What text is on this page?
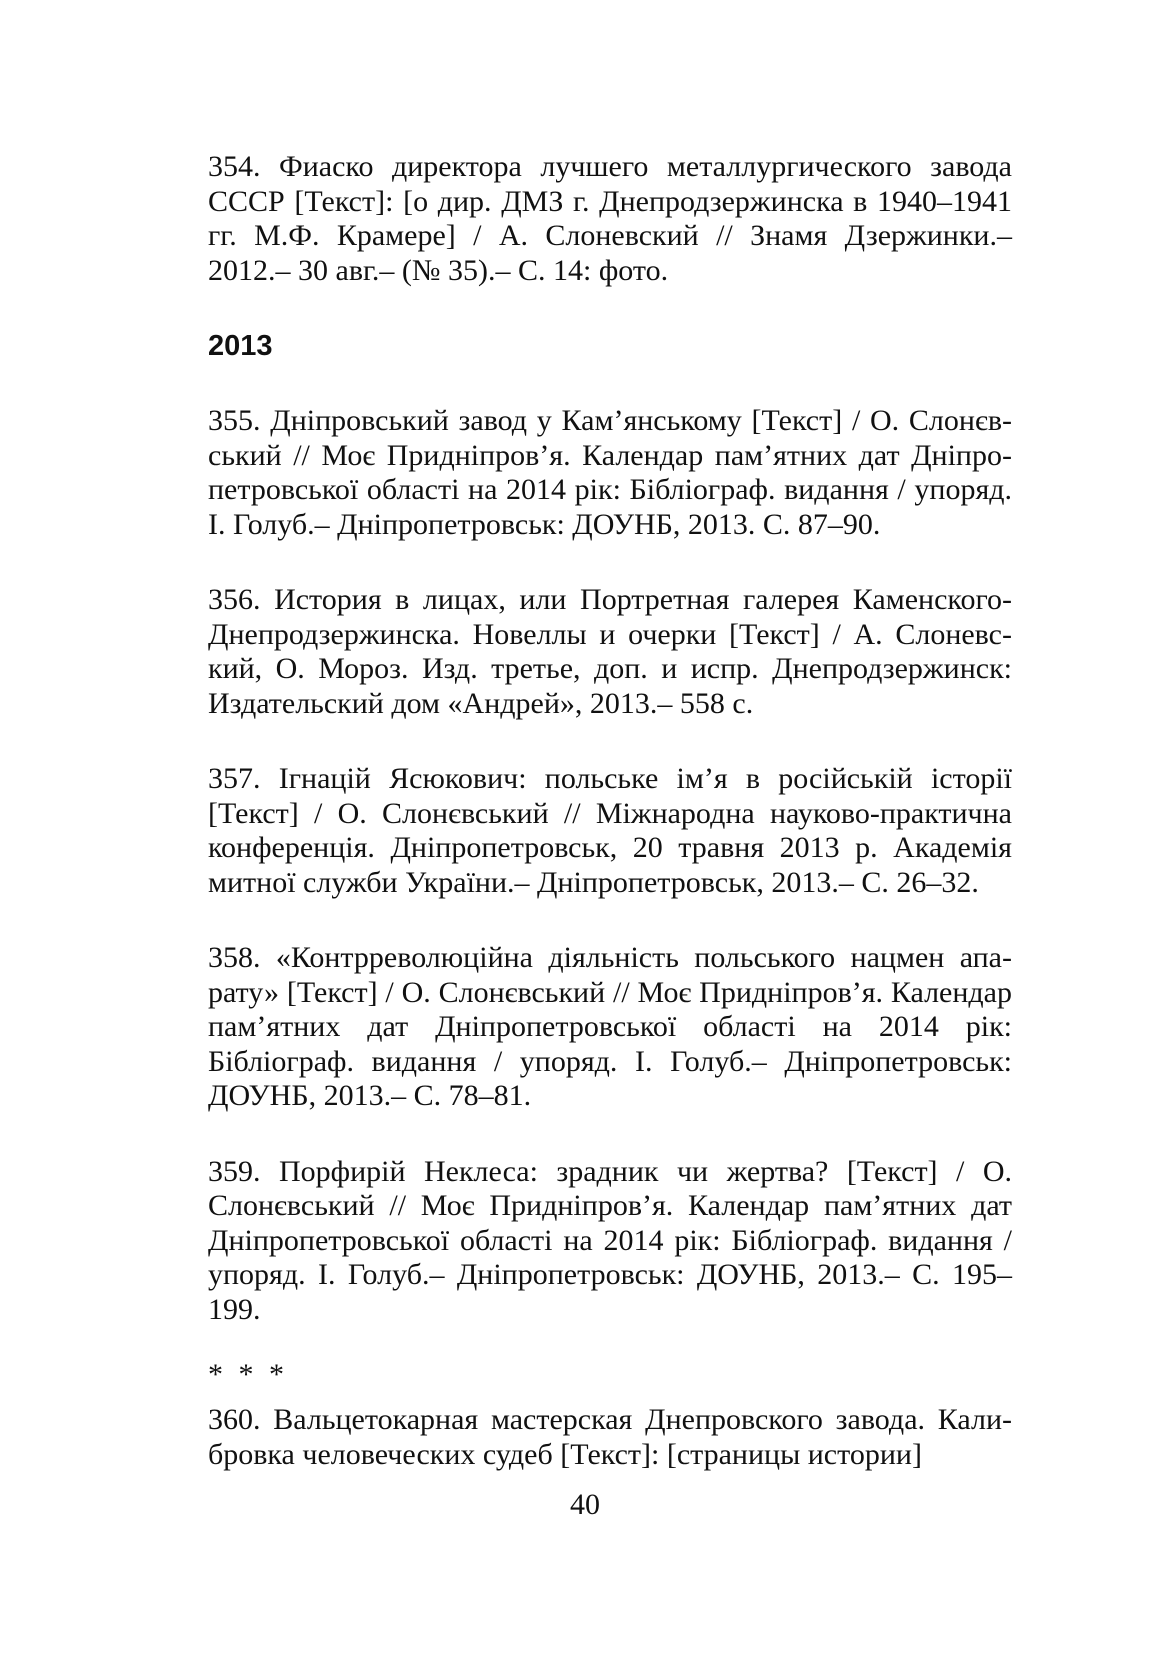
354. Фиаско директора лучшего металлургического завода СССР [Текст]: [о дир. ДМЗ г. Днепродзержинска в 1940–1941 гг. М.Ф. Крамере] / А. Слоневский // Знамя Дзержинки.– 2012.– 30 авг.– (№ 35).– С. 14: фото.

2013

355. Дніпровський завод у Кам’янському [Текст] / О. Слонєвський // Моє Придніпров’я. Календар пам’ятних дат Дніпропетровської області на 2014 рік: Бібліограф. видання / упоряд. І. Голуб.– Дніпропетровськ: ДОУНБ, 2013. С. 87–90.

356. История в лицах, или Портретная галерея Каменского-Днепродзержинска. Новеллы и очерки [Текст] / А. Слоневский, О. Мороз. Изд. третье, доп. и испр. Днепродзержинск: Издательский дом «Андрей», 2013.– 558 с.

357. Ігнацій Ясюкович: польське ім’я в російській історії [Текст] / О. Слонєвський // Міжнародна науково-практична конференція. Дніпропетровськ, 20 травня 2013 р. Академія митної служби України.– Дніпропетровськ, 2013.– С. 26–32.

358. «Контрреволюційна діяльність польського нацмен апарату» [Текст] / О. Слонєвський // Моє Придніпров’я. Календар пам’ятних дат Дніпропетровської області на 2014 рік: Бібліограф. видання / упоряд. І. Голуб.– Дніпропетровськ: ДОУНБ, 2013.– С. 78–81.

359. Порфирій Неклеса: зрадник чи жертва? [Текст] / О. Слонєвський // Моє Придніпров’я. Календар пам’ятних дат Дніпропетровської області на 2014 рік: Бібліограф. видання / упоряд. І. Голуб.– Дніпропетровськ: ДОУНБ, 2013.– С. 195–199.

* * *

360. Вальцетокарная мастерская Днепровского завода. Калибровка человеческих судеб [Текст]: [страницы истории]

40
